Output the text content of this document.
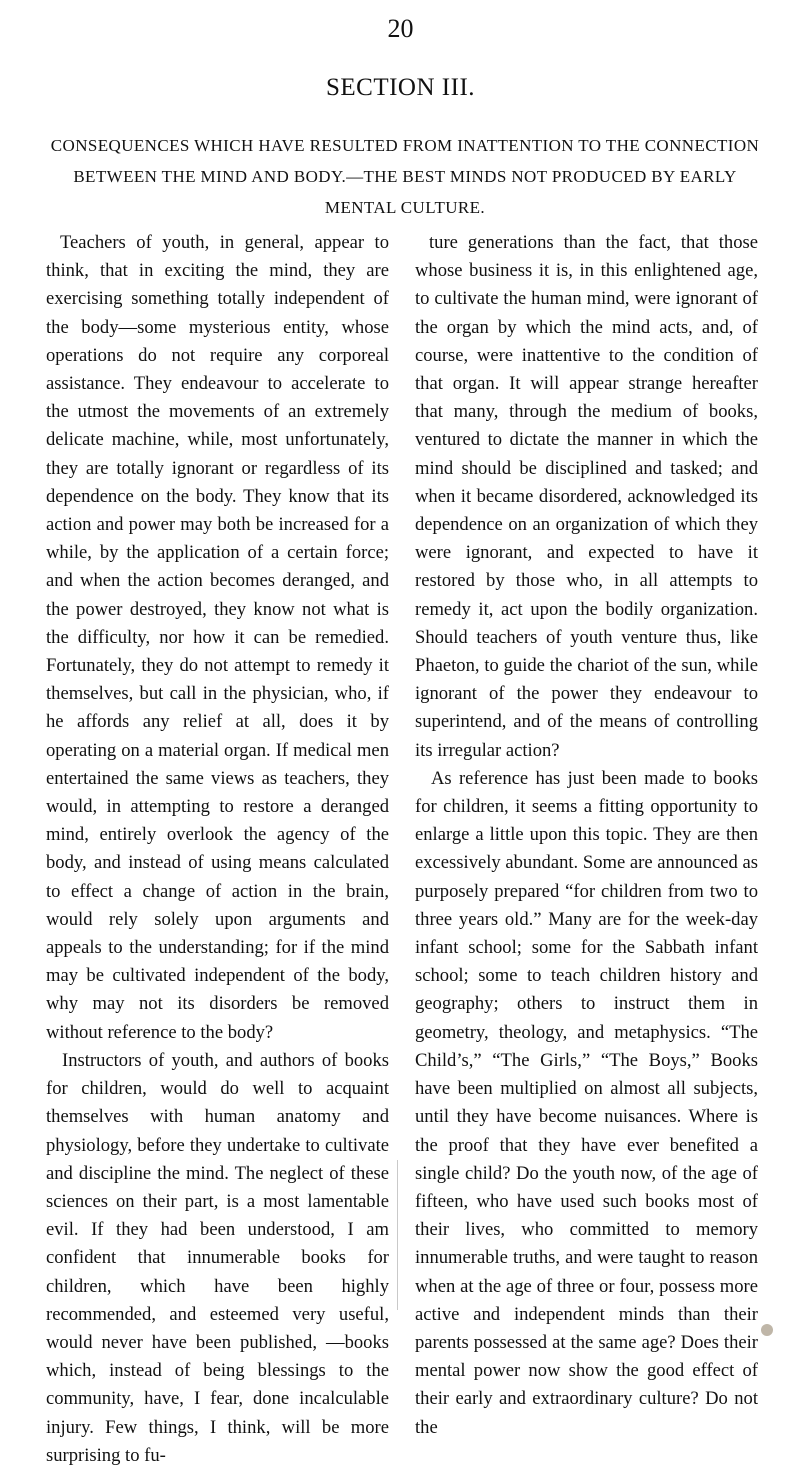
20
SECTION III.
CONSEQUENCES WHICH HAVE RESULTED FROM INATTENTION TO THE CONNECTION BETWEEN THE MIND AND BODY.—THE BEST MINDS NOT PRODUCED BY EARLY MENTAL CULTURE.

Teachers of youth, in general, appear to think, that in exciting the mind, they are exercising something totally independent of the body—some mysterious entity, whose operations do not require any corporeal assistance. They endeavour to accelerate to the utmost the movements of an extremely delicate machine, while, most unfortunately, they are totally ignorant or regardless of its dependence on the body. They know that its action and power may both be increased for a while, by the application of a certain force; and when the action becomes deranged, and the power destroyed, they know not what is the difficulty, nor how it can be remedied. Fortunately, they do not attempt to remedy it themselves, but call in the physician, who, if he affords any relief at all, does it by operating on a material organ. If medical men entertained the same views as teachers, they would, in attempting to restore a deranged mind, entirely overlook the agency of the body, and instead of using means calculated to effect a change of action in the brain, would rely solely upon arguments and appeals to the understanding; for if the mind may be cultivated independent of the body, why may not its disorders be removed without reference to the body?

Instructors of youth, and authors of books for children, would do well to acquaint themselves with human anatomy and physiology, before they undertake to cultivate and discipline the mind. The neglect of these sciences on their part, is a most lamentable evil. If they had been understood, I am confident that innumerable books for children, which have been highly recommended, and esteemed very useful, would never have been published, —books which, instead of being blessings to the community, have, I fear, done incalculable injury. Few things, I think, will be more surprising to fu-

ture generations than the fact, that those whose business it is, in this enlightened age, to cultivate the human mind, were ignorant of the organ by which the mind acts, and, of course, were inattentive to the condition of that organ. It will appear strange hereafter that many, through the medium of books, ventured to dictate the manner in which the mind should be disciplined and tasked; and when it became disordered, acknowledged its dependence on an organization of which they were ignorant, and expected to have it restored by those who, in all attempts to remedy it, act upon the bodily organization. Should teachers of youth venture thus, like Phaeton, to guide the chariot of the sun, while ignorant of the power they endeavour to superintend, and of the means of controlling its irregular action?

As reference has just been made to books for children, it seems a fitting opportunity to enlarge a little upon this topic. They are then excessively abundant. Some are announced as purposely prepared “for children from two to three years old.” Many are for the week-day infant school; some for the Sabbath infant school; some to teach children history and geography; others to instruct them in geometry, theology, and metaphysics. “The Child’s,” “The Girls,” “The Boys,” Books have been multiplied on almost all subjects, until they have become nuisances. Where is the proof that they have ever benefited a single child? Do the youth now, of the age of fifteen, who have used such books most of their lives, who committed to memory innumerable truths, and were taught to reason when at the age of three or four, possess more active and independent minds than their parents possessed at the same age? Does their mental power now show the good effect of their early and extraordinary culture? Do not the
